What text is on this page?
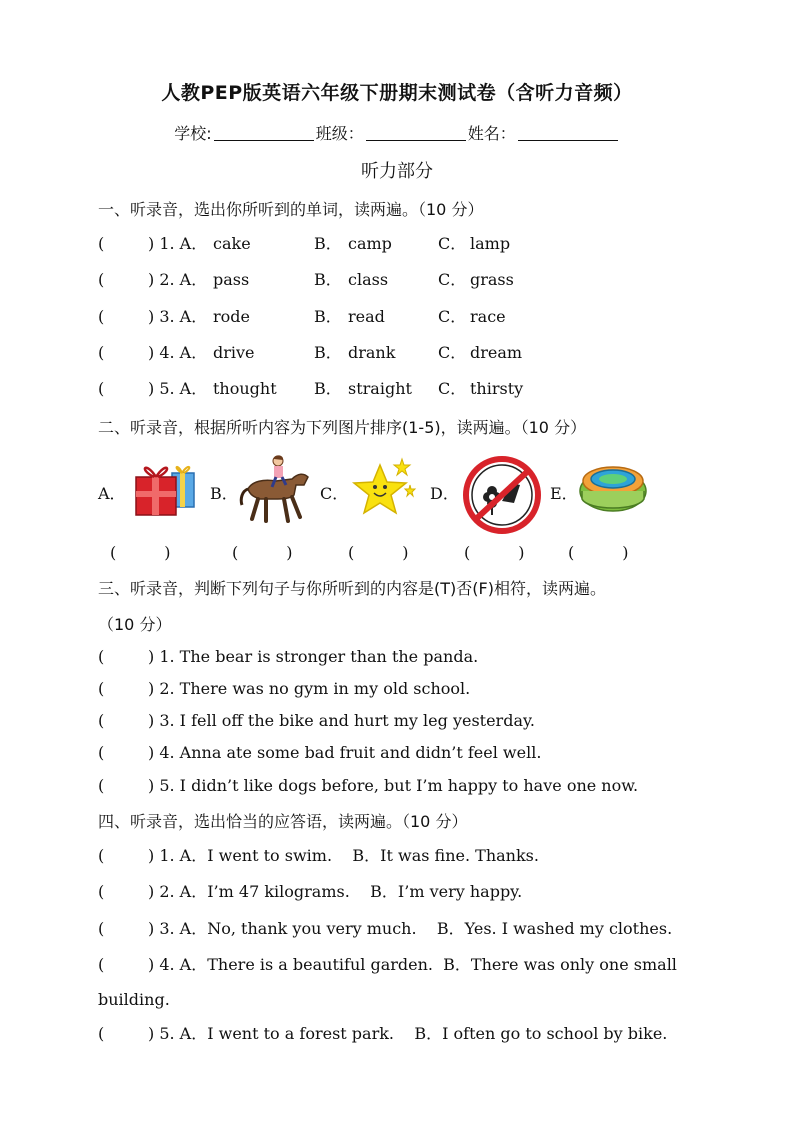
人教PEP版英语六年级下册期末测试卷（含听力音频）
学校:	班级：	姓名：
听力部分
一、听录音，选出你所听到的单词，读两遍。（10 分）
(	) 1. A． cake	B． camp	C． lamp
(	) 2. A． pass	B． class	C． grass
(	) 3. A． rode	B． read	C． race
(	) 4. A． drive	B． drank	C． dream
(	) 5. A． thought B． straight C． thirsty
二、听录音，根据所听内容为下列图片排序(1-5)，读两遍。（10 分）
A．	B．	C．	D．	E．
(   )	(   )	(   )	(   )	(   )
三、听录音，判断下列句子与你所听到的内容是(T)否(F)相符，读两遍。
（10 分）
(	) 1. The bear is stronger than the panda.
(	) 2. There was no gym in my old school.
(	) 3. I fell off the bike and hurt my leg yesterday.
(	) 4. Anna ate some bad fruit and didn’t feel well.
(	) 5. I didn’t like dogs before, but I’m happy to have one now.
四、听录音，选出恰当的应答语，读两遍。（10 分）
(	) 1. A．I went to swim.    B．It was fine. Thanks.
(	) 2. A．I’m 47 kilograms.    B．I’m very happy.
(	) 3. A．No, thank you very much.    B．Yes. I washed my clothes.
(	) 4. A．There is a beautiful garden.  B．There was only one small
building.
(	) 5. A．I went to a forest park.    B．I often go to school by bike.
